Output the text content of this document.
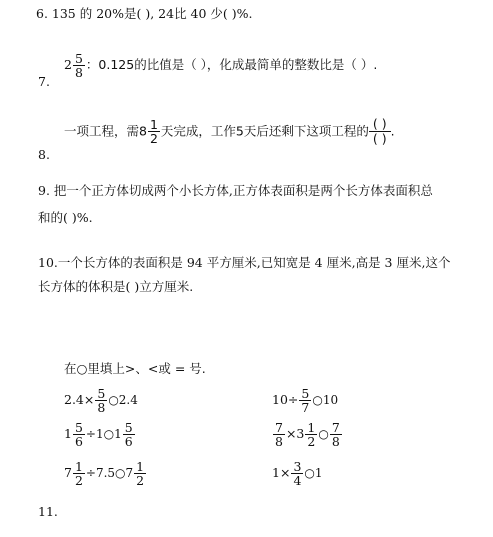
6. 135 的 20%是( ), 24比 40 少( )%.
$2 \frac{5}{8}$ ：0.125的比值是（ ），化成最简单的整数比是（ ）.
7.
一项工程，需$8 \frac{1}{2}$ 天完成，工作5天后还剩下这项工程的 ( )
( )
.
8.
9. 把一个正方体切成两个小长方体,正方体表面积是两个长方体表面积总
和的( )%.
10.一个长方体的表面积是 94 平方厘米,已知宽是 4 厘米,高是 3 厘米,这个
长方体的体积是( )立方厘米.
在○里填上>、<或 = 号.
$2.4\times \frac{5}{8}$ ○2.4	$10\div \frac{5}{7}$ ○10
$1 \frac{5}{6}$ ÷1○1 $\frac{5}{6}$	$\frac{7}{8} \times 3 \frac{1}{2}$ ○ $\frac{7}{8}$
$7 \frac{1}{2}$ ÷7.5○7 $\frac{1}{2}$	$1\times \frac{3}{4}$ ○1
11.
